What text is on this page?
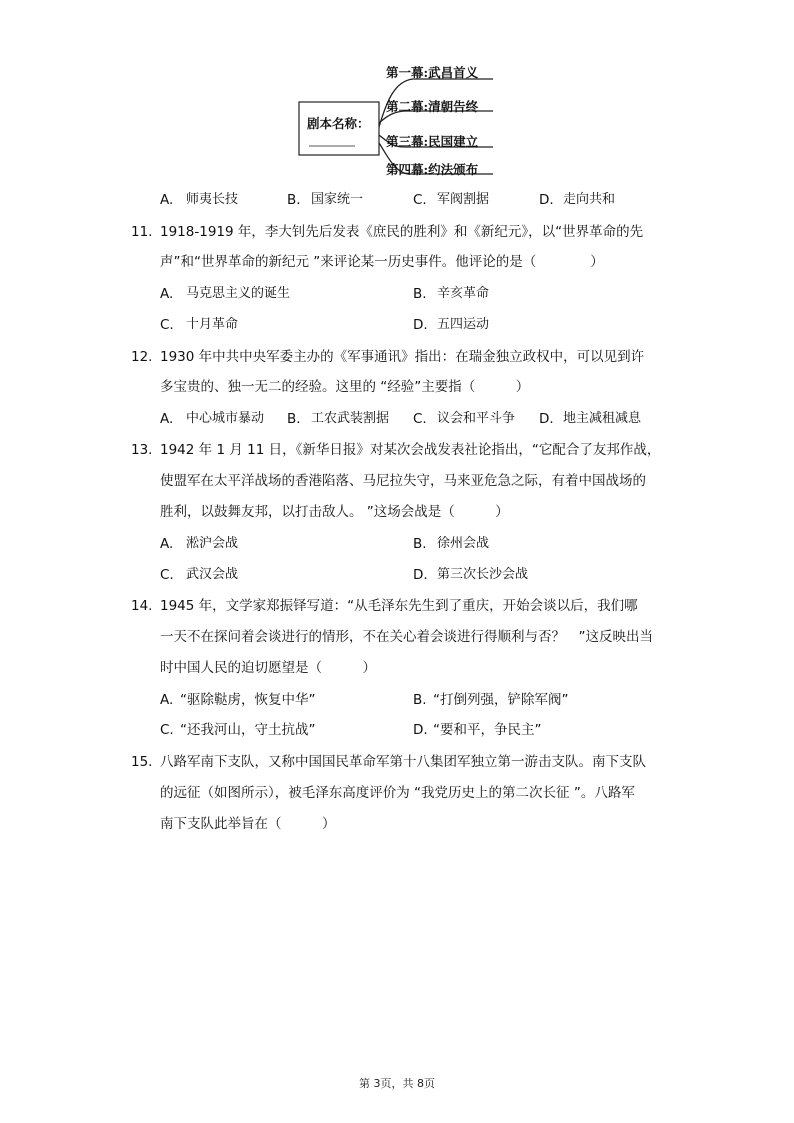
剧本名称：
第一幕:武昌首义
第二幕:清朝告终
第三幕:民国建立
第四幕:约法颁布
A. 师夷长技	B. 国家统一	C. 军阀割据	D. 走向共和
11. 1918-1919 年，李大钊先后发表《庶民的胜利》和《新纪元》，以“世界革命的先
声”和“世界革命的新纪元 ”来评论某一历史事件。他评论的是（　　　　）
A. 马克思主义的诞生	B. 辛亥革命
C. 十月革命	D. 五四运动
12. 1930 年中共中央军委主办的《军事通讯》指出：在瑞金独立政权中，可以见到许
多宝贵的、独一无二的经验。这里的 “经验”主要指（　　　）
A. 中心城市暴动 B. 工农武装割据 C. 议会和平斗争 D. 地主减租减息
13. 1942 年 1 月 11 日，《新华日报》对某次会战发表社论指出，“它配合了友邦作战，
使盟军在太平洋战场的香港陷落、马尼拉失守，马来亚危急之际，有着中国战场的
胜利，以鼓舞友邦，以打击敌人。 ”这场会战是（　　　）
A. 淞沪会战	B. 徐州会战
C. 武汉会战	D. 第三次长沙会战
14. 1945 年，文学家郑振铎写道：“从毛泽东先生到了重庆，开始会谈以后，我们哪
一天不在探问着会谈进行的情形，不在关心着会谈进行得顺利与否？　”这反映出当
时中国人民的迫切愿望是（　　　）
A. “驱除鞑虏，恢复中华”	B. “打倒列强，铲除军阀”
C. “还我河山，守土抗战”	D. “要和平，争民主”
15. 八路军南下支队，又称中国国民革命军第十八集团军独立第一游击支队。南下支队
的远征（如图所示），被毛泽东高度评价为 “我党历史上的第二次长征 ”。八路军
南下支队此举旨在（　　　）
第 3页，共 8页
